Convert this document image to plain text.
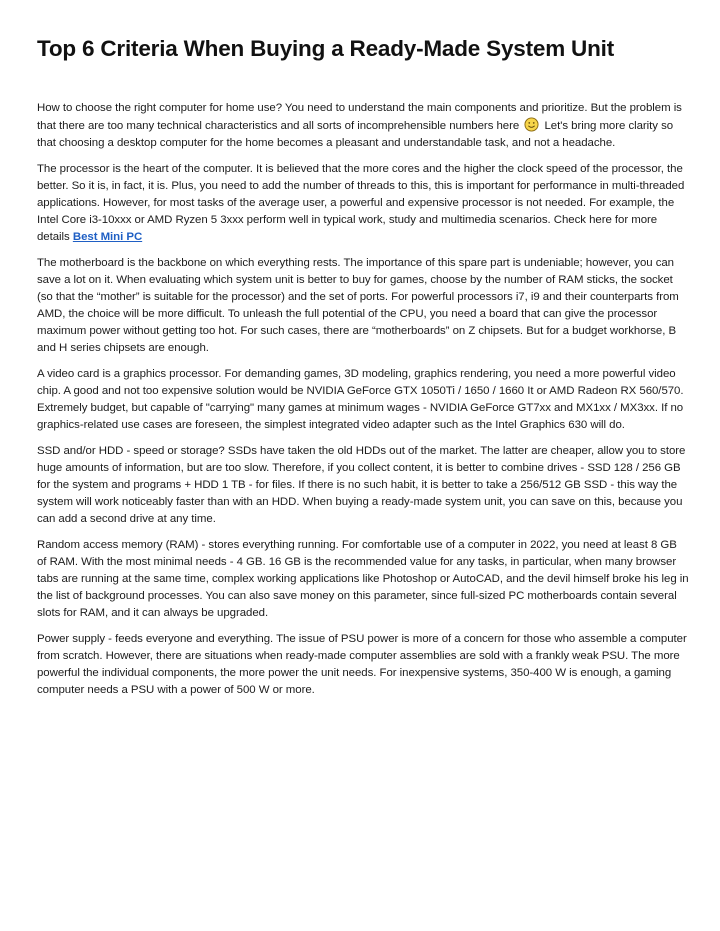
Top 6 Criteria When Buying a Ready-Made System Unit

How to choose the right computer for home use? You need to understand the main components and prioritize. But the problem is that there are too many technical characteristics and all sorts of incomprehensible numbers here Let's bring more clarity so that choosing a desktop computer for the home becomes a pleasant and understandable task, and not a headache.

The processor is the heart of the computer. It is believed that the more cores and the higher the clock speed of the processor, the better. So it is, in fact, it is. Plus, you need to add the number of threads to this, this is important for performance in multi-threaded applications. However, for most tasks of the average user, a powerful and expensive processor is not needed. For example, the Intel Core i3-10xxx or AMD Ryzen 5 3xxx perform well in typical work, study and multimedia scenarios. Check here for more details Best Mini PC

The motherboard is the backbone on which everything rests. The importance of this spare part is undeniable; however, you can save a lot on it. When evaluating which system unit is better to buy for games, choose by the number of RAM sticks, the socket (so that the “mother” is suitable for the processor) and the set of ports. For powerful processors i7, i9 and their counterparts from AMD, the choice will be more difficult. To unleash the full potential of the CPU, you need a board that can give the processor maximum power without getting too hot. For such cases, there are “motherboards” on Z chipsets. But for a budget workhorse, B and H series chipsets are enough.

A video card is a graphics processor. For demanding games, 3D modeling, graphics rendering, you need a more powerful video chip. A good and not too expensive solution would be NVIDIA GeForce GTX 1050Ti / 1650 / 1660 It or AMD Radeon RX 560/570. Extremely budget, but capable of "carrying" many games at minimum wages - NVIDIA GeForce GT7xx and MX1xx / MX3xx. If no graphics-related use cases are foreseen, the simplest integrated video adapter such as the Intel Graphics 630 will do.

SSD and/or HDD - speed or storage? SSDs have taken the old HDDs out of the market. The latter are cheaper, allow you to store huge amounts of information, but are too slow. Therefore, if you collect content, it is better to combine drives - SSD 128 / 256 GB for the system and programs + HDD 1 TB - for files. If there is no such habit, it is better to take a 256/512 GB SSD - this way the system will work noticeably faster than with an HDD. When buying a ready-made system unit, you can save on this, because you can add a second drive at any time.

Random access memory (RAM) - stores everything running. For comfortable use of a computer in 2022, you need at least 8 GB of RAM. With the most minimal needs - 4 GB. 16 GB is the recommended value for any tasks, in particular, when many browser tabs are running at the same time, complex working applications like Photoshop or AutoCAD, and the devil himself broke his leg in the list of background processes. You can also save money on this parameter, since full-sized PC motherboards contain several slots for RAM, and it can always be upgraded.

Power supply - feeds everyone and everything. The issue of PSU power is more of a concern for those who assemble a computer from scratch. However, there are situations when ready-made computer assemblies are sold with a frankly weak PSU. The more powerful the individual components, the more power the unit needs. For inexpensive systems, 350-400 W is enough, a gaming computer needs a PSU with a power of 500 W or more.
